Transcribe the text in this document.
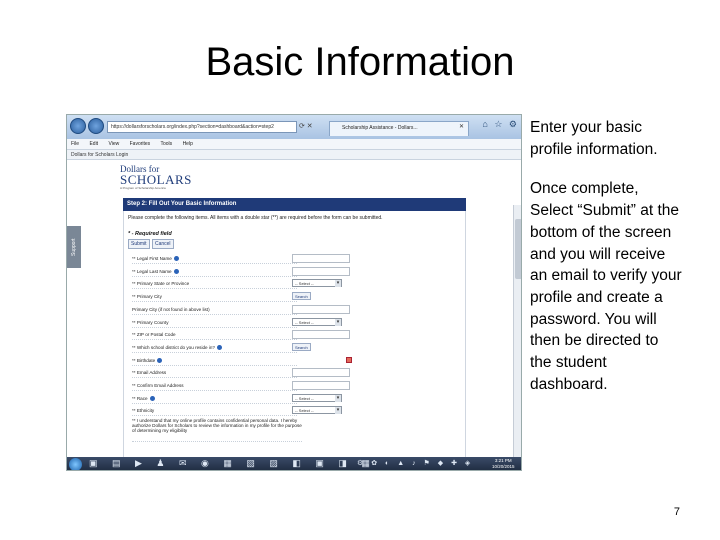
Basic Information
https://dollarsforscholars.org/index.php?section=dashboard&action=step2	⟳ ✕	Scholarship Assistance - Dollars...	✕ ⌂ ☆ ⚙
File Edit View Favorites Tools Help
Dollars for Scholars Login
Support
Dollars for
SCHOLARS
A Program of Scholarship America
Step 2: Fill Out Your Basic Information
Please complete the following items. All items with a double star (**) are required before the form can be submitted.
* - Required field
Submit Cancel
** Legal First Name
** Legal Last Name
** Primary State or Province	-- Select -- ▾
** Primary City	Search
Primary City (if not found in above list)
** Primary County	-- Select -- ▾
** ZIP or Postal Code
** Which school district do you reside in?	Search
** Birthdate
** Email Address
** Confirm Email Address
** Race	-- Select -- ▾
** Ethnicity	-- Select -- ▾
** I understand that my online profile contains confidential personal data. I hereby authorize Dollars for Scholars to review the information in my profile for the purpose of determining my eligibility
▣ ▤ ▶ ♟ ✉ ◉ ▦ ▧ ▨ ◧ ▣ ◨ ▦
⚙ ✿ ◐ ▲ ♪ ⚑ ◆ ✚ ◈	3:21 PM
10/20/2015

Enter your basic profile information.

Once complete, Select “Submit” at the bottom of the screen and you will receive an email to verify your profile and create a password. You will then be directed to the student dashboard.

7
